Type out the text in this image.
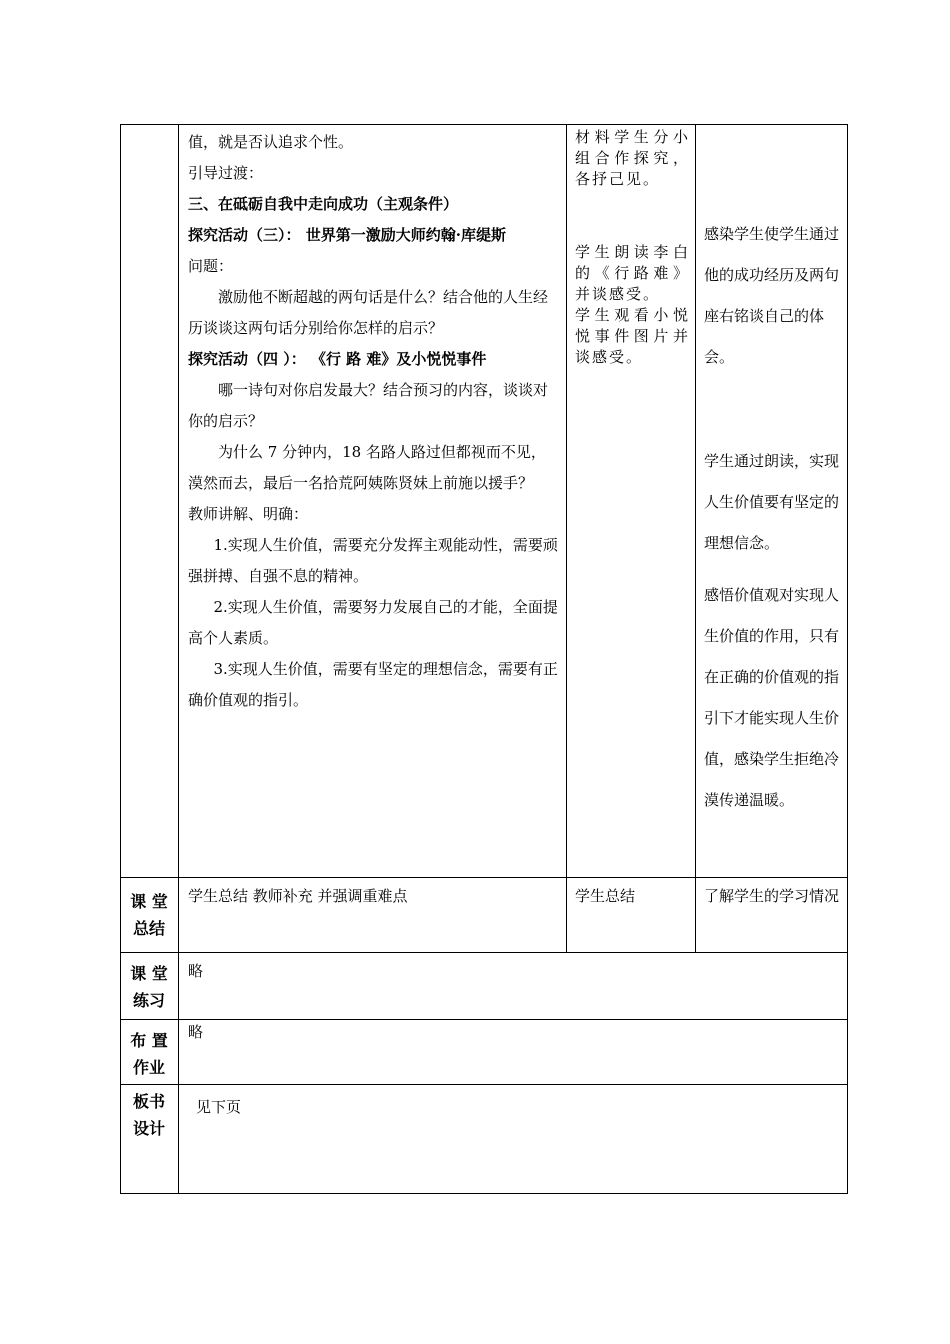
值，就是否认追求个性。

引导过渡：

三、在砥砺自我中走向成功（主观条件）

探究活动（三）： 世界第一激励大师约翰·库缇斯

问题：

激励他不断超越的两句话是什么？结合他的人生经历谈谈这两句话分别给你怎样的启示？

探究活动（四 ）： 《行 路 难》及小悦悦事件

哪一诗句对你启发最大？结合预习的内容，谈谈对你的启示？

为什么 7 分钟内，18 名路人路过但都视而不见，漠然而去，最后一名拾荒阿姨陈贤妹上前施以援手？

教师讲解、明确：

1.实现人生价值，需要充分发挥主观能动性，需要顽强拼搏、自强不息的精神。

2.实现人生价值，需要努力发展自己的才能，全面提高个人素质。

3.实现人生价值，需要有坚定的理想信念，需要有正确价值观的指引。

材料学生分小组合作探究，各抒己见。

学生朗读李白的《行路难》并谈感受。

学生观看小悦悦事件图片并谈感受。

感染学生使学生通过他的成功经历及两句座右铭谈自己的体会。

学生通过朗读，实现人生价值要有坚定的理想信念。

感悟价值观对实现人生价值的作用，只有在正确的价值观的指引下才能实现人生价值，感染学生拒绝冷漠传递温暖。

课 堂

总结

学生总结 教师补充 并强调重难点	学生总结	了解学生的学习情况

课 堂

练习

略

布 置

作业

略

板书

设计

见下页
